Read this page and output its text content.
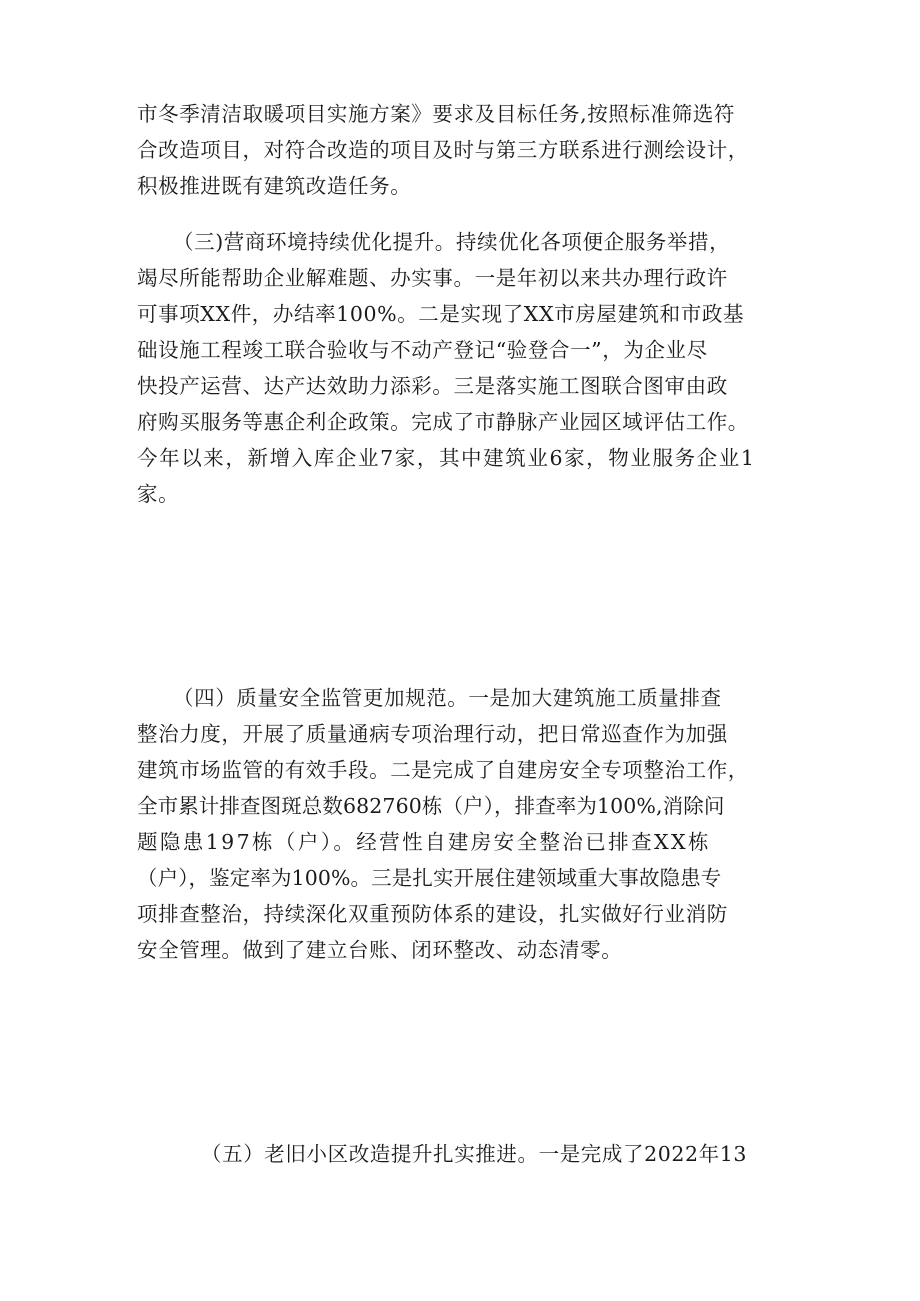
市冬季清洁取暖项目实施方案》要求及目标任务,按照标准筛选符
合改造项目，对符合改造的项目及时与第三方联系进行测绘设计，
积极推进既有建筑改造任务。
（三)营商环境持续优化提升。持续优化各项便企服务举措，
竭尽所能帮助企业解难题、办实事。一是年初以来共办理行政许
可事项XX件，办结率100%。二是实现了XX市房屋建筑和市政基
础设施工程竣工联合验收与不动产登记“验登合一”，为企业尽
快投产运营、达产达效助力添彩。三是落实施工图联合图审由政
府购买服务等惠企利企政策。完成了市静脉产业园区域评估工作。
今年以来，新增入库企业7家，其中建筑业6家，物业服务企业1
家。
（四）质量安全监管更加规范。一是加大建筑施工质量排查
整治力度，开展了质量通病专项治理行动，把日常巡查作为加强
建筑市场监管的有效手段。二是完成了自建房安全专项整治工作，
全市累计排查图斑总数682760栋（户），排查率为100%,消除问
题隐患197栋（户）。经营性自建房安全整治已排查XX栋
（户），鉴定率为100%。三是扎实开展住建领域重大事故隐患专
项排查整治，持续深化双重预防体系的建设，扎实做好行业消防
安全管理。做到了建立台账、闭环整改、动态清零。
（五）老旧小区改造提升扎实推进。一是完成了2022年13
